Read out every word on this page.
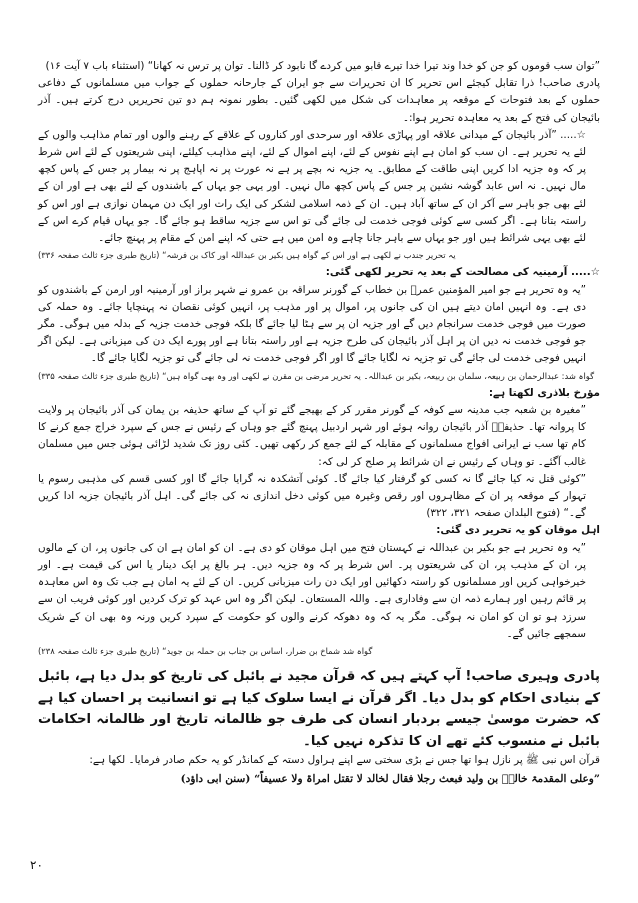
”توان سب قوموں کو جن کو خدا وند تیرا خدا تیرے قابو میں کردے گا نابود کر ڈالنا۔ توان پر ترس نہ کھانا“ (استثناء باب ۷ آیت ۱۶)

پادری صاحب! ذرا تقابل کیجئے اس تحریر کا ان تحریرات سے جو ایران کے جارحانہ حملوں کے جواب میں مسلمانوں کے دفاعی حملوں کے بعد فتوحات کے موقعہ پر معاہدات کی شکل میں لکھی گئیں۔ بطور نمونہ ہم دو تین تحریریں درج کرتے ہیں۔ آذر بائیجان کی فتح کے بعد یہ معاہدہ تحریر ہوا:۔

☆..... ”آذر بائیجان کے میدانی علاقہ اور پہاڑی علاقہ اور سرحدی اور کناروں کے علاقے کے رہنے والوں اور تمام مذاہب والوں کے لئے یہ تحریر ہے۔ ان سب کو امان ہے اپنے نفوس کے لئے، اپنے اموال کے لئے، اپنے مذاہب کیلئے، اپنی شریعتوں کے لئے اس شرط پر کہ وہ جزیہ ادا کریں اپنی طاقت کے مطابق۔ یہ جزیہ نہ بچے پر ہے نہ عورت پر نہ اپاہج پر نہ بیمار پر جس کے پاس کچھ مال نہیں۔ نہ اس عابد گوشہ نشین پر جس کے پاس کچھ مال نہیں۔ اور یہی جو یہاں کے باشندوں کے لئے بھی ہے اور ان کے لئے بھی جو باہر سے آکر ان کے ساتھ آباد ہیں۔ ان کے ذمہ اسلامی لشکر کی ایک رات اور ایک دن مہمان نوازی ہے اور اس کو راستہ بتانا ہے۔ اگر کسی سے کوئی فوجی خدمت لی جائے گی تو اس سے جزیہ ساقط ہو جائے گا۔ جو یہاں قیام کرے اس کے لئے بھی یہی شرائط ہیں اور جو یہاں سے باہر جانا چاہے وہ امن میں ہے حتی کہ اپنے امن کے مقام پر پہنچ جائے۔

یہ تحریر جندب نے لکھی ہے اور اس کے گواہ ہیں بکیر بن عبداللہ اور کاک بن فرشہ“ (تاریخ طبری جزء ثالث صفحہ ۳۳۶)

☆..... آرمینیہ کی مصالحت کے بعد یہ تحریر لکھی گئی:

”یہ وہ تحریر ہے جو امیر المؤمنین عمرؓ بن خطاب کے گورنر سراقہ بن عمرو نے شہر براز اور آرمینیہ اور ارمن کے باشندوں کو دی ہے۔ وہ انہیں امان دیتے ہیں ان کی جانوں پر، اموال پر اور مذہب پر، انہیں کوئی نقصان نہ پہنچایا جائے۔ وہ حملہ کی صورت میں فوجی خدمت سرانجام دیں گے اور جزیہ ان پر سے ہٹا لیا جائے گا بلکہ فوجی خدمت جزیہ کے بدلہ میں ہوگی۔ مگر جو فوجی خدمت نہ دیں ان پر اہل آذر بائیجان کی طرح جزیہ ہے اور راستہ بتانا ہے اور پورے ایک دن کی میزبانی ہے۔ لیکن اگر انہیں فوجی خدمت لی جائے گی تو جزیہ نہ لگایا جائے گا اور اگر فوجی خدمت نہ لی جائے گی تو جزیہ لگایا جائے گا۔

گواہ شد: عبدالرحمان بن ربیعہ، سلمان بن ربیعہ، بکیر بن عبداللہ۔ یہ تحریر مرضی بن مقرن نے لکھی اور وہ بھی گواہ ہیں“ (تاریخ طبری جزء ثالث صفحہ ۳۳۵)

مؤرخ بلاذری لکھتا ہے:

”مغیرہ بن شعبہ جب مدینہ سے کوفہ کے گورنر مقرر کر کے بھیجے گئے تو آپ کے ساتھ حذیفہ بن یمان کی آذر بائیجان پر ولایت کا پروانہ تھا۔ حذیفہؓ آذر بائیجان روانہ ہوئے اور شہر اردبیل پہنچ گئے جو وہاں کے رئیس نے جس کے سپرد خراج جمع کرنے کا کام تھا سب نے ایرانی افواج مسلمانوں کے مقابلہ کے لئے جمع کر رکھی تھیں۔ کئی روز تک شدید لڑائی ہوئی جس میں مسلمان غالب آگئے۔ تو وہاں کے رئیس نے ان شرائط پر صلح کر لی کہ:

”کوئی قتل نہ کیا جائے گا نہ کسی کو گرفتار کیا جائے گا۔ کوئی آتشکدہ نہ گرایا جائے گا اور کسی قسم کی مذہبی رسوم یا تہوار کے موقعہ پر ان کے مظاہروں اور رقص وغیرہ میں کوئی دخل اندازی نہ کی جائے گی۔ اہل آذر بائیجان جزیہ ادا کریں گے۔“ (فتوح البلدان صفحہ ۳۲۱، ۳۲۲)

اہل موقان کو یہ تحریر دی گئی:

”یہ وہ تحریر ہے جو بکیر بن عبداللہ نے کہستان فتح میں اہل موقان کو دی ہے۔ ان کو امان ہے ان کی جانوں پر، ان کے مالوں پر، ان کے مذہب پر، ان کی شریعتوں پر۔ اس شرط پر کہ وہ جزیہ دیں۔ ہر بالغ پر ایک دینار یا اس کی قیمت ہے۔ اور خیرخواہی کریں اور مسلمانوں کو راستہ دکھائیں اور ایک دن رات میزبانی کریں۔ ان کے لئے یہ امان ہے جب تک وہ اس معاہدہ پر قائم رہیں اور ہمارے ذمہ ان سے وفاداری ہے۔ واللہ المستعان۔ لیکن اگر وہ اس عہد کو ترک کردیں اور کوئی فریب ان سے سرزد ہو تو ان کو امان نہ ہوگی۔ مگر یہ کہ وہ دھوکہ کرنے والوں کو حکومت کے سپرد کریں ورنہ وہ بھی ان کے شریک سمجھے جائیں گے۔

گواہ شد شماخ بن ضرار، اساس بن جناب بن حملہ بن جوید“ (تاریخ طبری جزء ثالث صفحہ ۲۳۸)

پادری وہیری صاحب! آپ کہتے ہیں کہ قرآن مجید نے بائبل کی تاریخ کو بدل دیا ہے، بائبل کے بنیادی احکام کو بدل دیا۔ اگر قرآن نے ایسا سلوک کیا ہے تو انسانیت پر احسان کیا ہے کہ حضرت موسیٰ جیسے بردبار انسان کی طرف جو ظالمانہ تاریخ اور ظالمانہ احکامات بائبل نے منسوب کئے تھے ان کا تذکرہ نہیں کیا۔

قرآن اس نبی ﷺ پر نازل ہوا تھا جس نے بڑی سختی سے اپنے ہراول دستہ کے کمانڈر کو یہ حکم صادر فرمایا۔ لکھا ہے:

”وعلی المقدمۃ خالدؓ بن ولید فبعث رجلا فقال لخالد لا تقتل امراۃ ولا عسیفاً“ (سنن ابی داؤد)

۲۰
